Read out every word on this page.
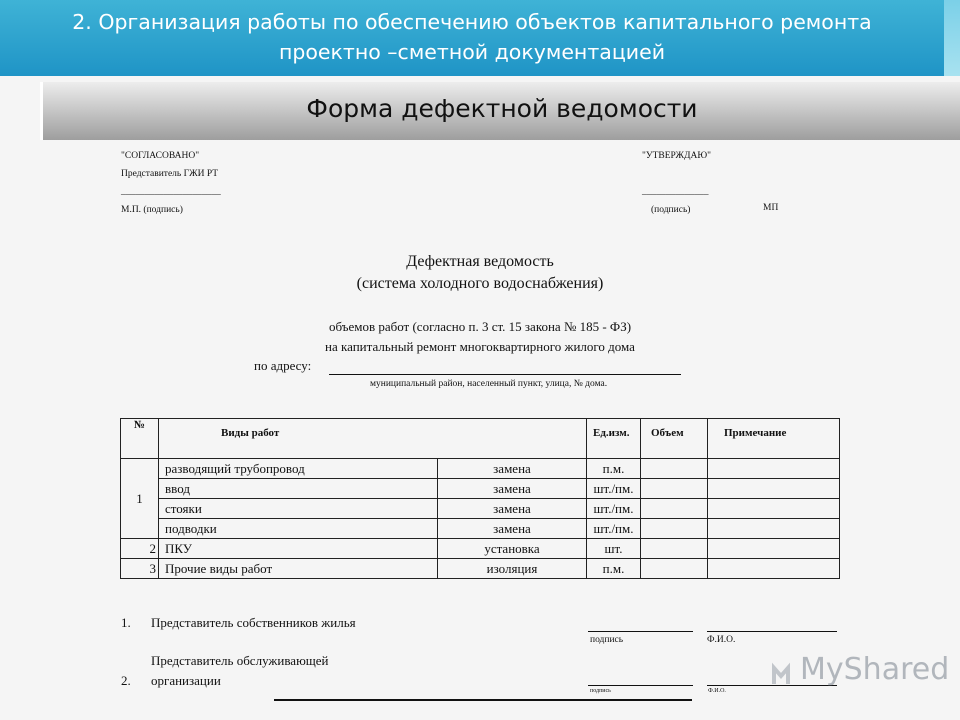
2. Организация работы по обеспечению объектов капитального ремонта
проектно –сметной документацией
Форма дефектной ведомости
"СОГЛАСОВАНО"
Представитель ГЖИ РТ
_____________________
М.П. (подпись)
"УТВЕРЖДАЮ"
______________
(подпись)	МП
Дефектная ведомость
(система холодного водоснабжения)
объемов работ (согласно п. 3 ст. 15 закона № 185 - ФЗ)
на капитальный ремонт многоквартирного жилого дома
по адресу:
муниципальный район, населенный пункт, улица, № дома.
№	Виды работ		Ед.изм.	Объем	Примечание
1	разводящий трубопровод	замена	п.м.		
	ввод	замена	шт./пм.		
	стояки	замена	шт./пм.		
	подводки	замена	шт./пм.		
2	ПКУ	установка	шт.		
3	Прочие виды работ	изоляция	п.м.		
1. Представитель собственников жилья
подпись	Ф.И.О.
Представитель обслуживающей
2. организации
подпись	Ф.И.О.
MyShared
